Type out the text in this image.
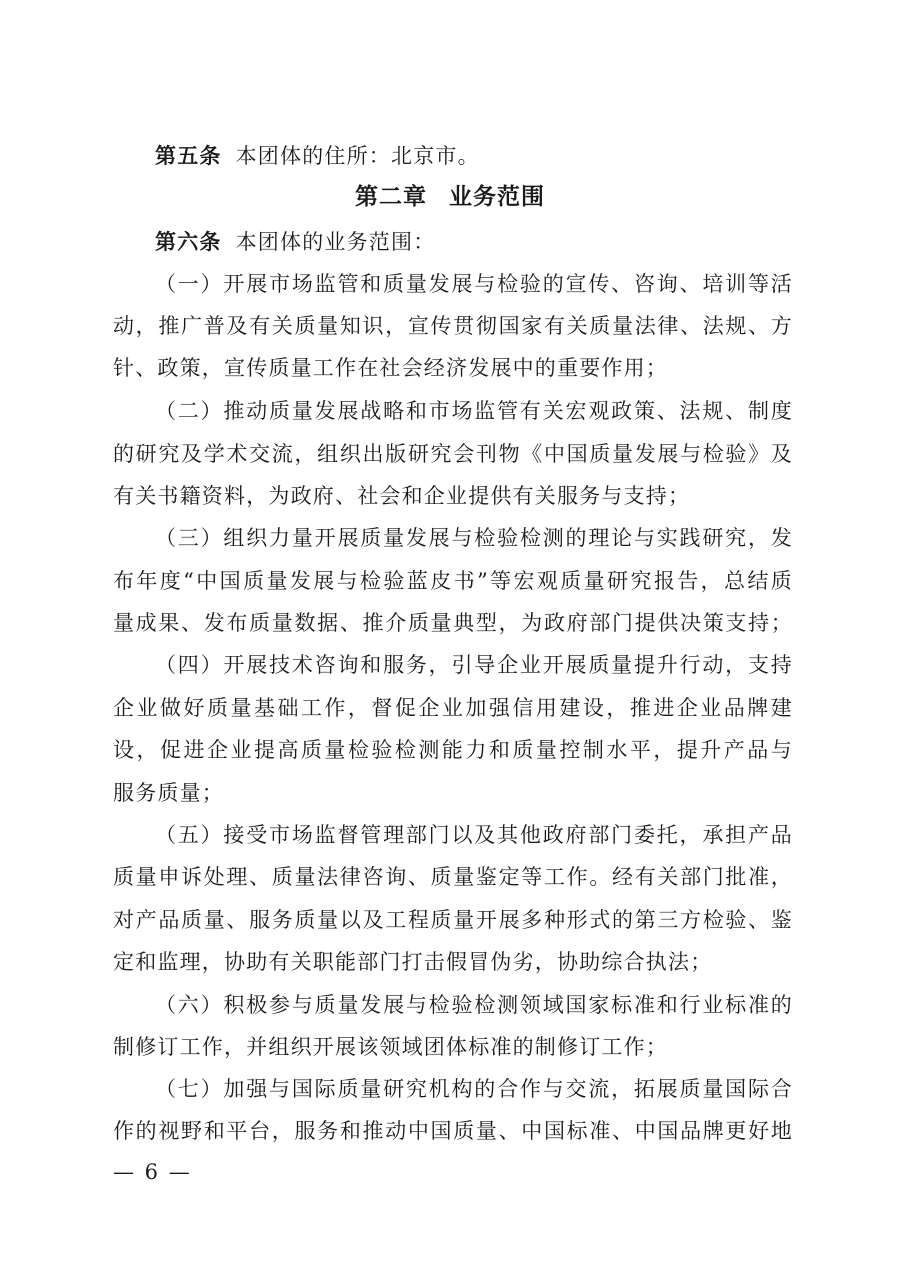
第五条 本团体的住所：北京市。
第二章 业务范围
第六条 本团体的业务范围：
（一）开展市场监管和质量发展与检验的宣传、咨询、培训等活
动，推广普及有关质量知识，宣传贯彻国家有关质量法律、法规、方
针、政策，宣传质量工作在社会经济发展中的重要作用；
（二）推动质量发展战略和市场监管有关宏观政策、法规、制度
的研究及学术交流，组织出版研究会刊物《中国质量发展与检验》及
有关书籍资料，为政府、社会和企业提供有关服务与支持；
（三）组织力量开展质量发展与检验检测的理论与实践研究，发
布年度“中国质量发展与检验蓝皮书”等宏观质量研究报告，总结质
量成果、发布质量数据、推介质量典型，为政府部门提供决策支持；
（四）开展技术咨询和服务，引导企业开展质量提升行动，支持
企业做好质量基础工作，督促企业加强信用建设，推进企业品牌建
设，促进企业提高质量检验检测能力和质量控制水平，提升产品与
服务质量；
（五）接受市场监督管理部门以及其他政府部门委托，承担产品
质量申诉处理、质量法律咨询、质量鉴定等工作。经有关部门批准，
对产品质量、服务质量以及工程质量开展多种形式的第三方检验、鉴
定和监理，协助有关职能部门打击假冒伪劣，协助综合执法；
（六）积极参与质量发展与检验检测领域国家标准和行业标准的
制修订工作，并组织开展该领域团体标准的制修订工作；
（七）加强与国际质量研究机构的合作与交流，拓展质量国际合
作的视野和平台，服务和推动中国质量、中国标准、中国品牌更好地
— 6 —
